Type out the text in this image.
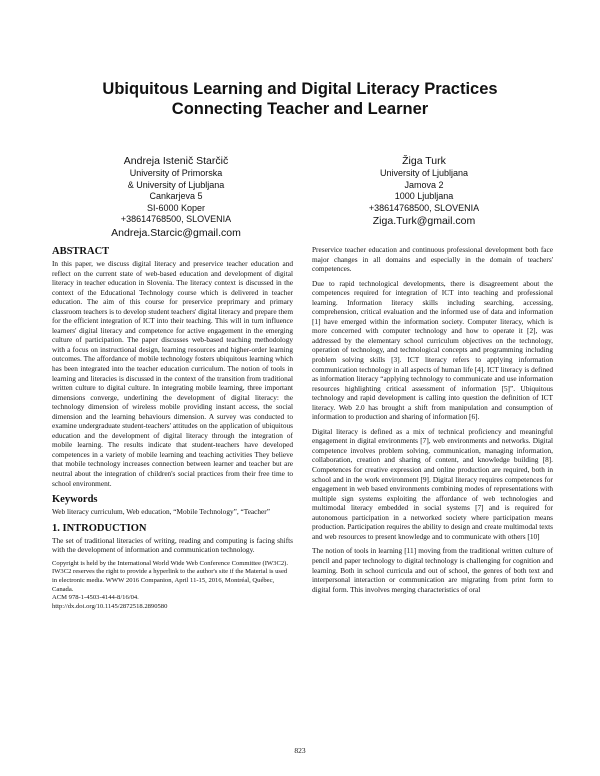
Ubiquitous Learning and Digital Literacy Practices
Connecting Teacher and Learner
Andreja Istenič Starčič
University of Primorska
& University of Ljubljana
Cankarjeva 5
SI-6000 Koper
+38614768500, SLOVENIA
Andreja.Starcic@gmail.com
Žiga Turk
University of Ljubljana
Jamova 2
1000 Ljubljana
+38614768500, SLOVENIA
Ziga.Turk@gmail.com
ABSTRACT

In this paper, we discuss digital literacy and preservice teacher education and reflect on the current state of web-based education and development of digital literacy in teacher education in Slovenia. The literacy context is discussed in the context of the Educational Technology course which is delivered in teacher education. The aim of this course for preservice preprimary and primary classroom teachers is to develop student teachers' digital literacy and prepare them for the efficient integration of ICT into their teaching. This will in turn influence learners' digital literacy and competence for active engagement in the emerging culture of participation. The paper discusses web-based teaching methodology with a focus on instructional design, learning resources and higher-order learning outcomes. The affordance of mobile technology fosters ubiquitous learning which has been integrated into the teacher education curriculum. The notion of tools in learning and literacies is discussed in the context of the transition from traditional written culture to digital culture. In integrating mobile learning, three important dimensions converge, underlining the development of digital literacy: the technology dimension of wireless mobile providing instant access, the social dimension and the learning behaviours dimension. A survey was conducted to examine undergraduate student-teachers' attitudes on the application of ubiquitous education and the development of digital literacy through the integration of mobile learning. The results indicate that student-teachers have developed competences in a variety of mobile learning and teaching activities They believe that mobile technology increases connection between learner and teacher but are neutral about the integration of children's social practices from their free time to school environment.

Keywords

Web literacy curriculum, Web education, “Mobile Technology”, “Teacher”

1. INTRODUCTION

The set of traditional literacies of writing, reading and computing is facing shifts with the development of information and communication technology.

Copyright is held by the International World Wide Web Conference Committee (IW3C2). IW3C2 reserves the right to provide a hyperlink to the author's site if the Material is used in electronic media. WWW 2016 Companion, April 11-15, 2016, Montréal, Québec, Canada.
ACM 978-1-4503-4144-8/16/04.
http://dx.doi.org/10.1145/2872518.2890580

Preservice teacher education and continuous professional development both face major changes in all domains and especially in the domain of teachers' competences.

Due to rapid technological developments, there is disagreement about the competences required for integration of ICT into teaching and professional learning. Information literacy skills including searching, accessing, comprehension, critical evaluation and the informed use of data and information [1] have emerged within the information society. Computer literacy, which is more concerned with computer technology and how to operate it [2], was addressed by the elementary school curriculum objectives on the technology, operation of technology, and technological concepts and programming including problem solving skills [3]. ICT literacy refers to applying information communication technology in all aspects of human life [4]. ICT literacy is defined as information literacy “applying technology to communicate and use information resources highlighting critical assessment of information [5]”. Ubiquitous technology and rapid development is calling into question the definition of ICT literacy. Web 2.0 has brought a shift from manipulation and consumption of information to production and sharing of information [6].

Digital literacy is defined as a mix of technical proficiency and meaningful engagement in digital environments [7], web environments and networks. Digital competence involves problem solving, communication, managing information, collaboration, creation and sharing of content, and knowledge building [8]. Competences for creative expression and online production are required, both in school and in the work environment [9]. Digital literacy requires competences for engagement in web based environments combining modes of representations with multiple sign systems exploiting the affordance of web technologies and multimodal literacy embedded in social systems [7] and is required for autonomous participation in a networked society where participation means production. Participation requires the ability to design and create multimodal texts and web resources to present knowledge and to communicate with others [10]

The notion of tools in learning [11] moving from the traditional written culture of pencil and paper technology to digital technology is challenging for cognition and learning. Both in school curricula and out of school, the genres of both text and interpersonal interaction or communication are migrating from print form to digital form. This involves merging characteristics of oral

823
